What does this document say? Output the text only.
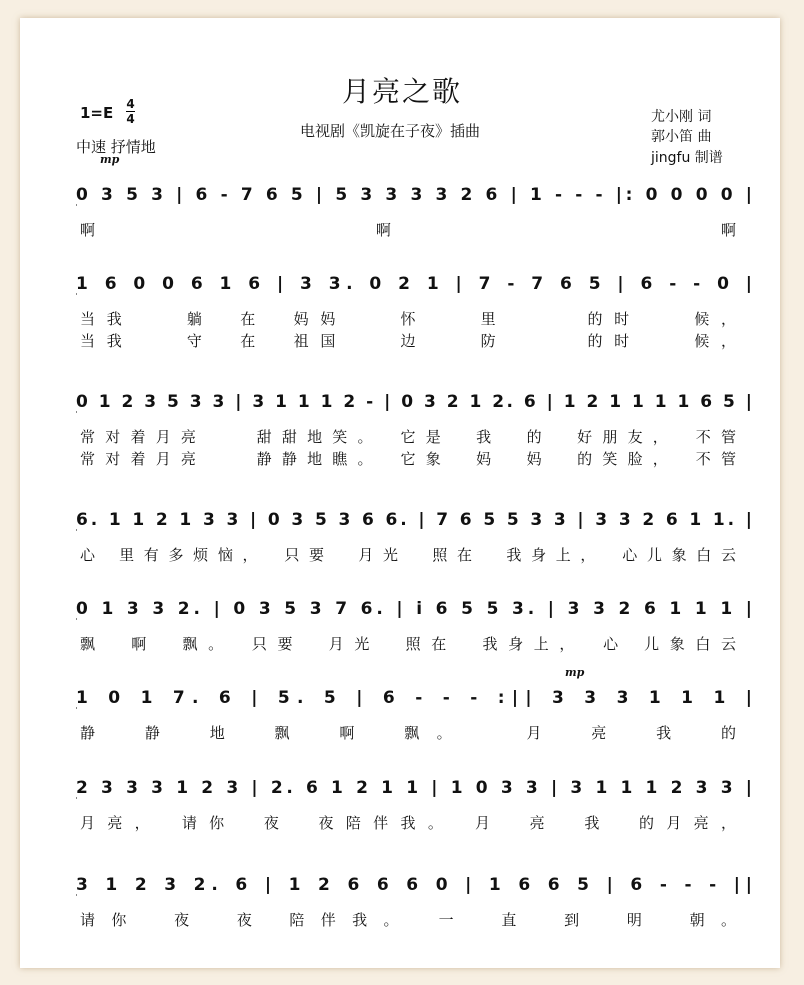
月亮之歌
电视剧《凯旋在子夜》插曲
1=E 4
4
中速 抒情地
mp
mp
尤小刚 词
郭小笛 曲
jingfu 制谱
0 3 5 3 | 6 - 7 6 5 | 5 3 3 3 3 2 6 | 1 - - - |: 0 0 0 0 |
啊　　　　　啊　　　　　　啊
1 6 0 0 6 1 6 | 3 3. 0 2 1 | 7 - 7 6 5 | 6 - - 0 |
当我　　躺　在　妈妈　　怀　　里　　　的时　　候，
当我　　守　在　祖国　　边　　防　　　的时　　候，
0 1 2 3 5 3 3 | 3 1 1 1 2 - | 0 3 2 1 2. 6 | 1 2 1 1 1 1 6 5 |
常对着月亮　　甜甜地笑。　它是　我　的　好朋友，　不管
常对着月亮　　静静地瞧。　它象　妈　妈　的笑脸，　不管
6. 1 1 2 1 3 3 | 0 3 5 3 6 6. | 7 6 5 5 3 3 | 3 3 2 6 1 1. |
心 里有多烦恼，　只要　月光　照在　我身上，　心儿象白云
0 1 3 3 2. | 0 3 5 3 7 6. | i 6 5 5 3. | 3 3 2 6 1 1 1 |
飘　啊　飘。　只要　月光　照在　我身上，　心 儿象白云
1 0 1 7. 6 | 5. 5 | 6 - - - :|| 3 3 3 1 1 1 |
静　静　地　飘　啊　飘。　　月　亮　我　的
2 3 3 3 1 2 3 | 2. 6 1 2 1 1 | 1 0 3 3 | 3 1 1 1 2 3 3 |
月亮，　请你　夜　夜陪伴我。　月　亮　我　的月亮，
3 1 2 3 2. 6 | 1 2 6 6 6 0 | 1 6 6 5 | 6 - - - ||
请你　夜　夜 陪伴我。　一　直　到　明　朝。
